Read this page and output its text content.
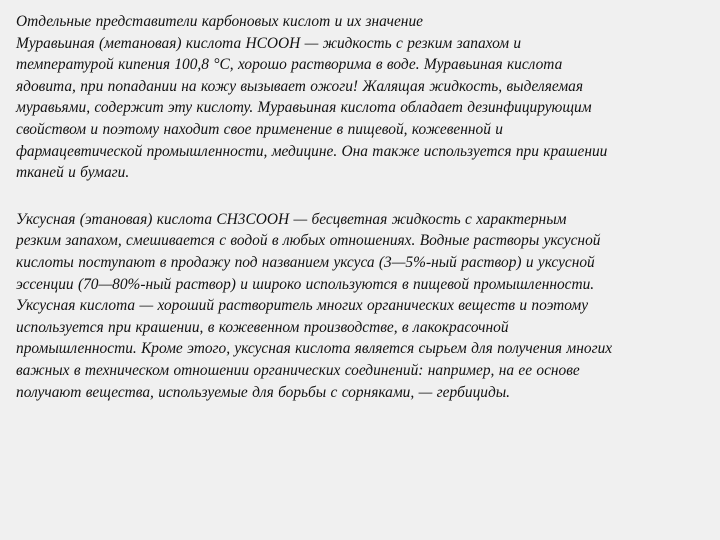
Отдельные представители карбоновых кислот и их значение

Муравьиная (метановая) кислота НСООН — жидкость с резким запахом и
температурой кипения 100,8 °С, хорошо растворима в воде. Муравьиная кислота
ядовита, при попадании на кожу вызывает ожоги! Жалящая жидкость, выделяемая
муравьями, содержит эту кислоту. Муравьиная кислота обладает дезинфицирующим
свойством и поэтому находит свое применение в пищевой, кожевенной и
фармацевтической промышленности, медицине. Она также используется при крашении
тканей и бумаги.

Уксусная (этановая) кислота СН3СООН — бесцветная жидкость с характерным
резким запахом, смешивается с водой в любых отношениях. Водные растворы уксусной
кислоты поступают в продажу под названием уксуса (3—5%-ный раствор) и уксусной
эссенции (70—80%-ный раствор) и широко используются в пищевой промышленности.
Уксусная кислота — хороший растворитель многих органических веществ и поэтому
используется при крашении, в кожевенном производстве, в лакокрасочной
промышленности. Кроме этого, уксусная кислота является сырьем для получения многих
важных в техническом отношении органических соединений: например, на ее основе
получают вещества, используемые для борьбы с сорняками, — гербициды.
